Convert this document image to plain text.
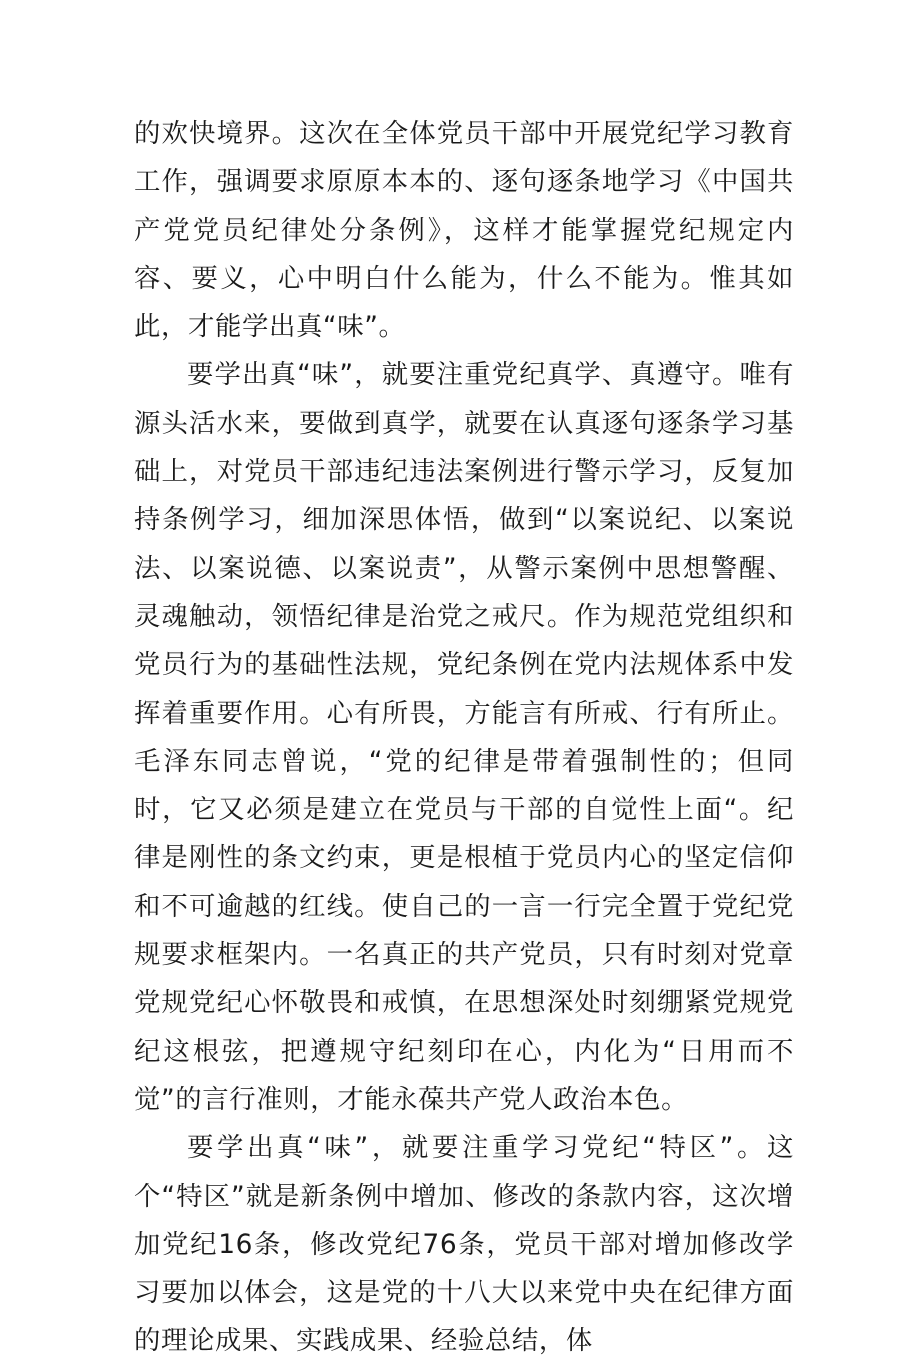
的欢快境界。这次在全体党员干部中开展党纪学习教育工作，强调要求原原本本的、逐句逐条地学习《中国共产党党员纪律处分条例》，这样才能掌握党纪规定内容、要义，心中明白什么能为，什么不能为。惟其如此，才能学出真“味”。

要学出真“味”，就要注重党纪真学、真遵守。唯有源头活水来，要做到真学，就要在认真逐句逐条学习基础上，对党员干部违纪违法案例进行警示学习，反复加持条例学习，细加深思体悟，做到“以案说纪、以案说法、以案说德、以案说责”，从警示案例中思想警醒、灵魂触动，领悟纪律是治党之戒尺。作为规范党组织和党员行为的基础性法规，党纪条例在党内法规体系中发挥着重要作用。心有所畏，方能言有所戒、行有所止。毛泽东同志曾说，“党的纪律是带着强制性的；但同时，它又必须是建立在党员与干部的自觉性上面“。纪律是刚性的条文约束，更是根植于党员内心的坚定信仰和不可逾越的红线。使自己的一言一行完全置于党纪党规要求框架内。一名真正的共产党员，只有时刻对党章党规党纪心怀敬畏和戒慎，在思想深处时刻绷紧党规党纪这根弦，把遵规守纪刻印在心，内化为“日用而不觉”的言行准则，才能永葆共产党人政治本色。

要学出真“味”，就要注重学习党纪“特区”。这个“特区”就是新条例中增加、修改的条款内容，这次增加党纪16条，修改党纪76条，党员干部对增加修改学习要加以体会，这是党的十八大以来党中央在纪律方面的理论成果、实践成果、经验总结，体
